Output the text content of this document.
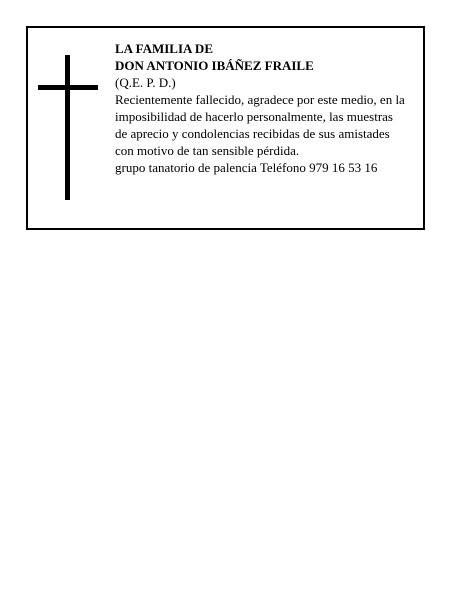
LA FAMILIA DE
DON ANTONIO IBÁÑEZ FRAILE
(Q.E. P. D.)
Recientemente fallecido, agradece por este medio, en la
imposibilidad de hacerlo personalmente, las muestras
de aprecio y condolencias recibidas de sus amistades
con motivo de tan sensible pérdida.
grupo tanatorio de palencia Teléfono 979 16 53 16
